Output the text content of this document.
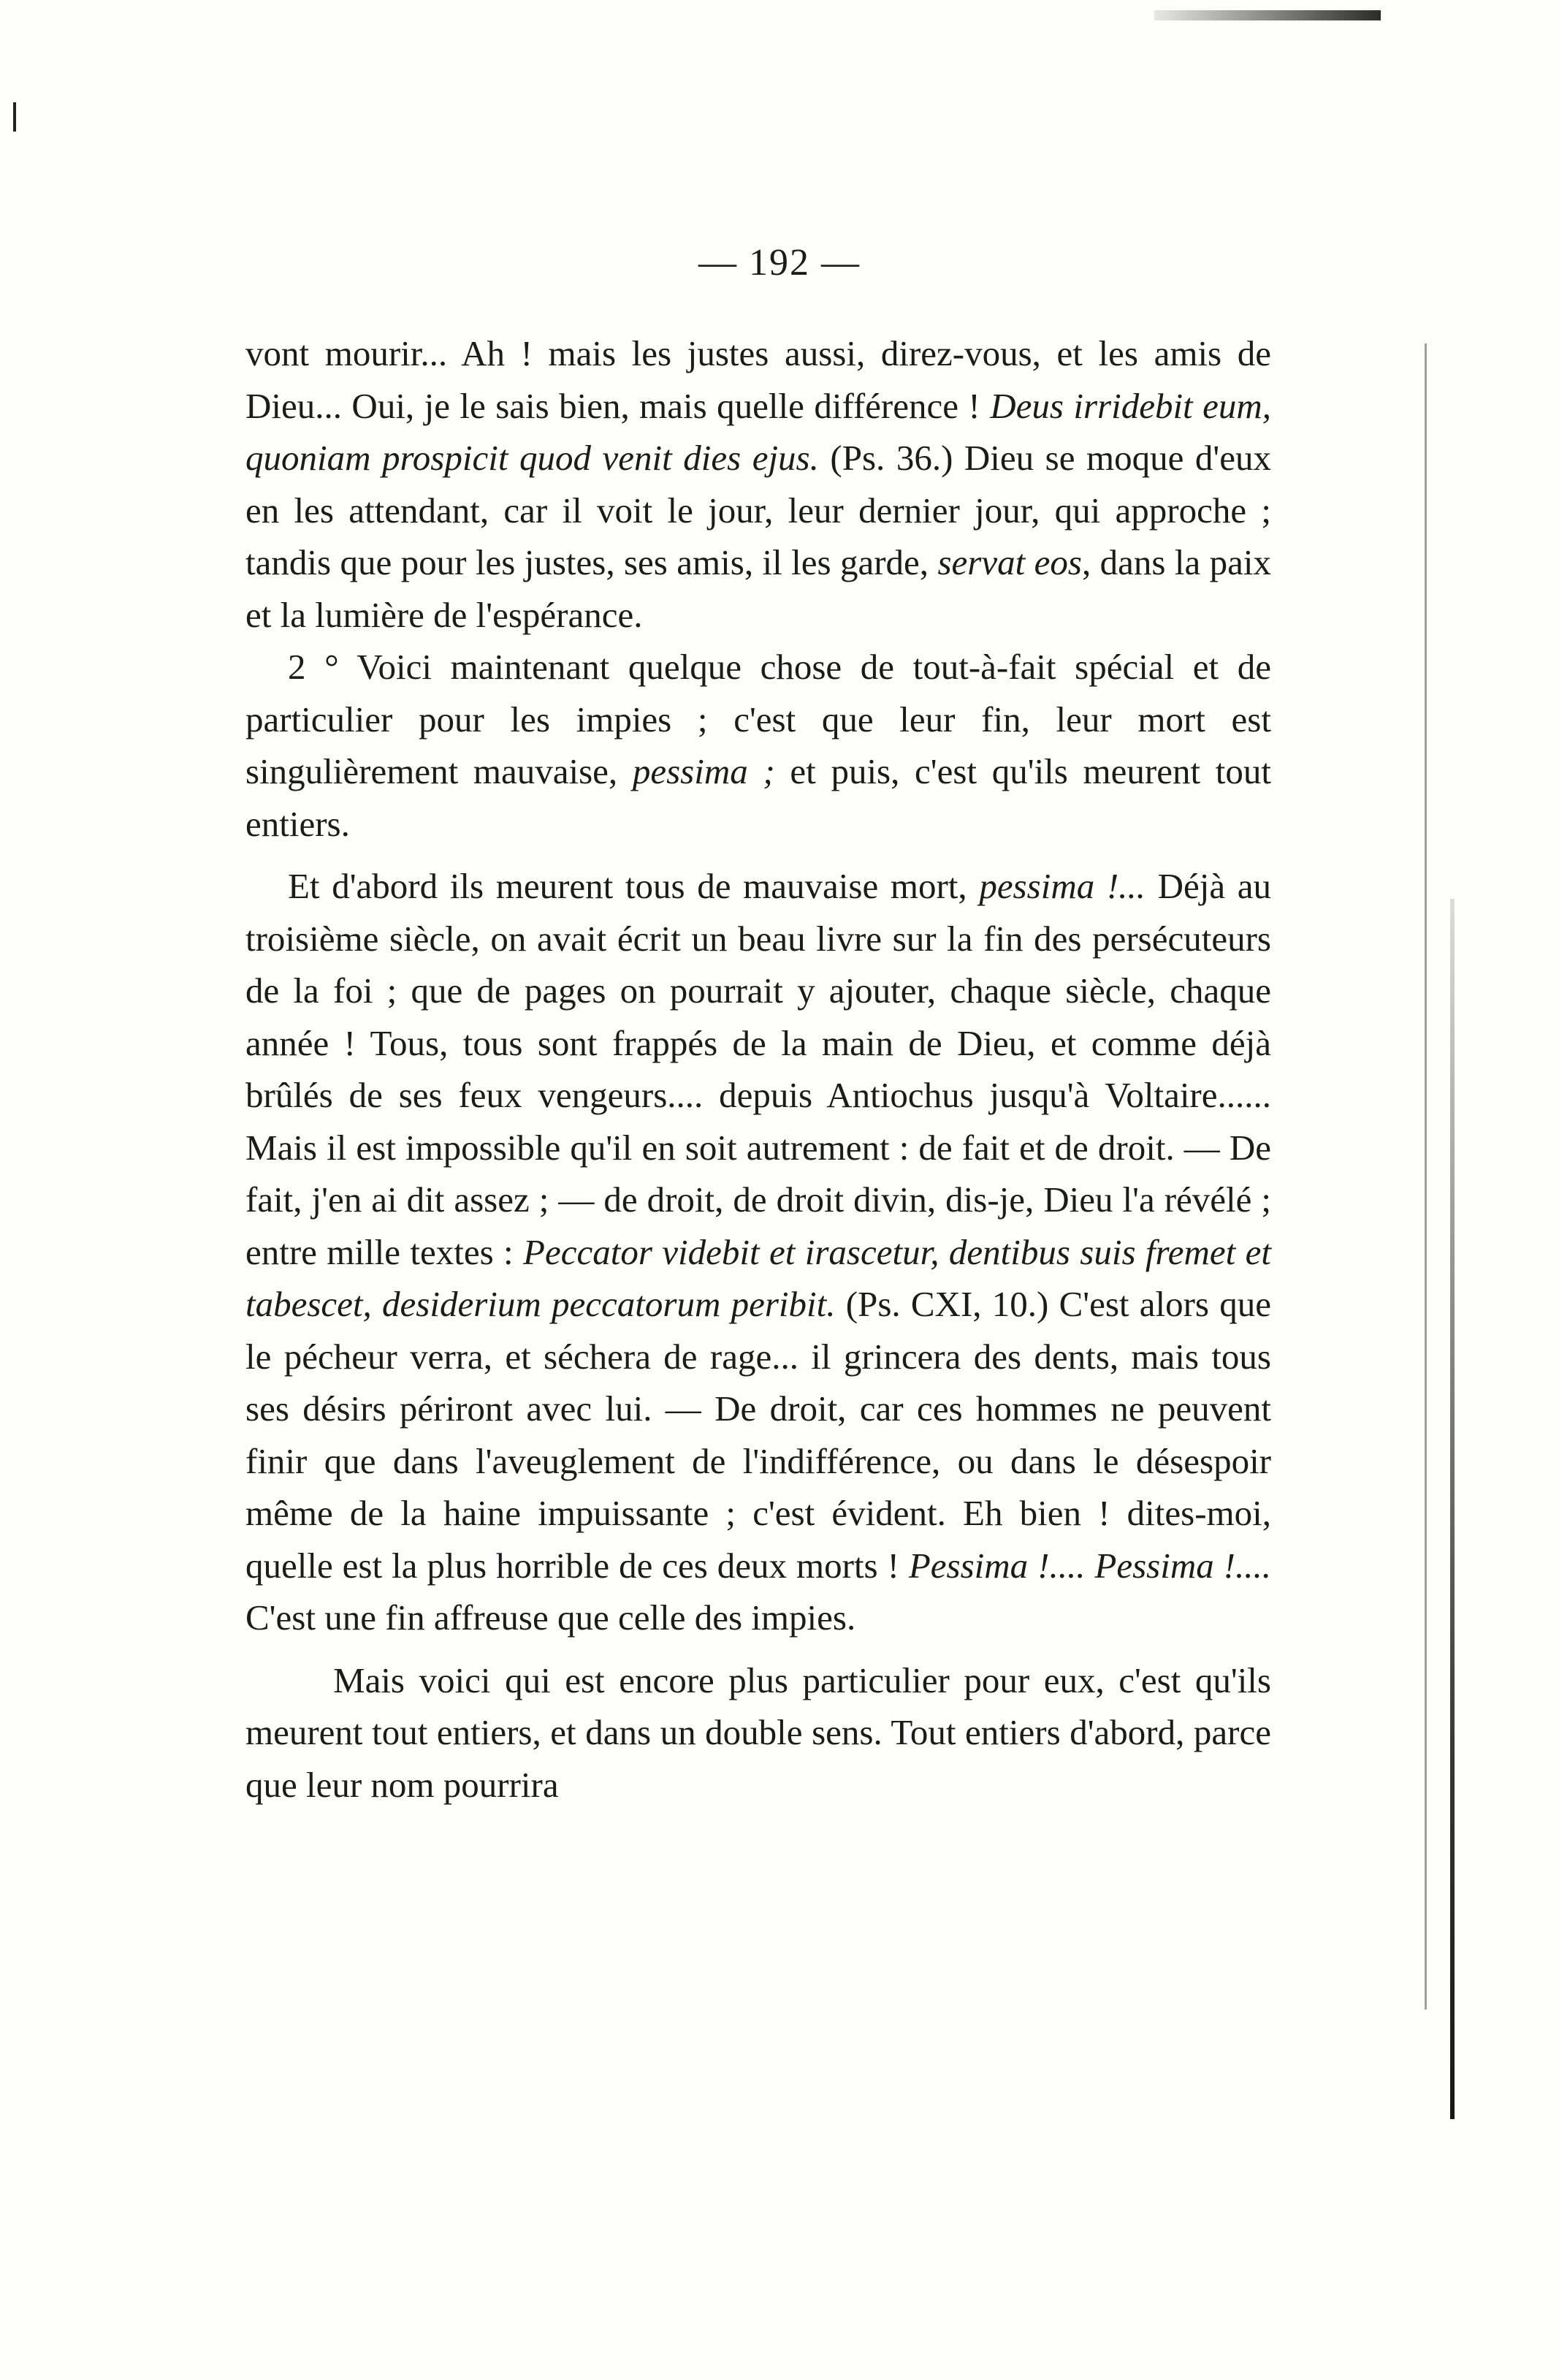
— 192 —

vont mourir... Ah ! mais les justes aussi, direz-vous, et les amis de Dieu... Oui, je le sais bien, mais quelle différence ! Deus irridebit eum, quoniam prospicit quod venit dies ejus. (Ps. 36.) Dieu se moque d'eux en les attendant, car il voit le jour, leur dernier jour, qui approche ; tandis que pour les justes, ses amis, il les garde, servat eos, dans la paix et la lumière de l'espérance.

2 ° Voici maintenant quelque chose de tout-à-fait spécial et de particulier pour les impies ; c'est que leur fin, leur mort est singulièrement mauvaise, pessima ; et puis, c'est qu'ils meurent tout entiers.

Et d'abord ils meurent tous de mauvaise mort, pessima !... Déjà au troisième siècle, on avait écrit un beau livre sur la fin des persécuteurs de la foi ; que de pages on pourrait y ajouter, chaque siècle, chaque année ! Tous, tous sont frappés de la main de Dieu, et comme déjà brûlés de ses feux vengeurs.... depuis Antiochus jusqu'à Voltaire...... Mais il est impossible qu'il en soit autrement : de fait et de droit. — De fait, j'en ai dit assez ; — de droit, de droit divin, dis-je, Dieu l'a révélé ; entre mille textes : Peccator videbit et irascetur, dentibus suis fremet et tabescet, desiderium peccatorum peribit. (Ps. CXI, 10.) C'est alors que le pécheur verra, et séchera de rage... il grincera des dents, mais tous ses désirs périront avec lui. — De droit, car ces hommes ne peuvent finir que dans l'aveuglement de l'indifférence, ou dans le désespoir même de la haine impuissante ; c'est évident. Eh bien ! dites-moi, quelle est la plus horrible de ces deux morts ! Pessima !.... Pessima !.... C'est une fin affreuse que celle des impies.

Mais voici qui est encore plus particulier pour eux, c'est qu'ils meurent tout entiers, et dans un double sens. Tout entiers d'abord, parce que leur nom pourrira
